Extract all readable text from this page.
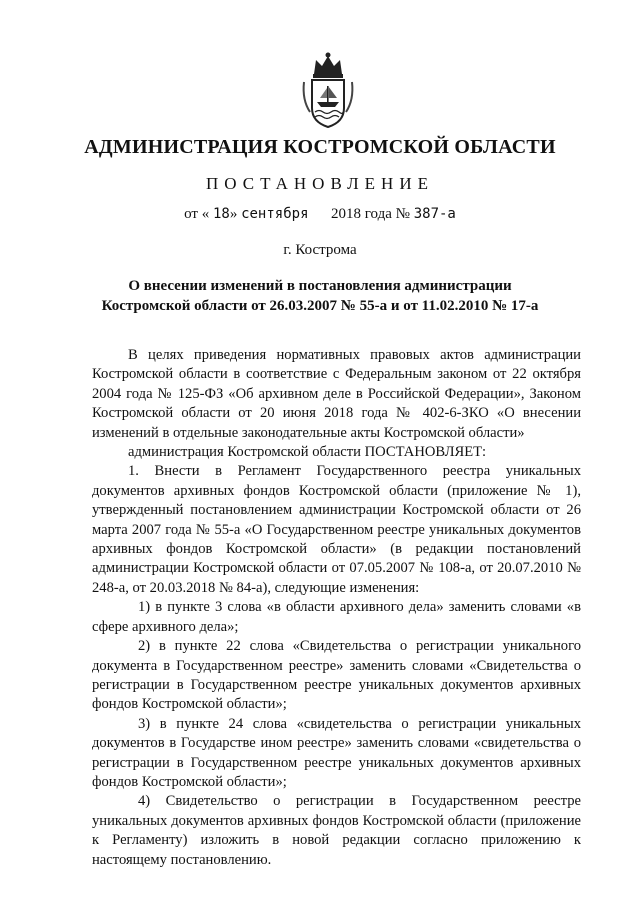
АДМИНИСТРАЦИЯ КОСТРОМСКОЙ ОБЛАСТИ
ПОСТАНОВЛЕНИЕ
от « 18» сентября 2018 года № 387-а
г. Кострома
О внесении изменений в постановления администрации
Костромской области от 26.03.2007 № 55-а и от 11.02.2010 № 17-а

В целях приведения нормативных правовых актов администрации Костромской области в соответствие с Федеральным законом от 22 октября 2004 года № 125-ФЗ «Об архивном деле в Российской Федерации», Законом Костромской области от 20 июня 2018 года № 402-6-ЗКО «О внесении изменений в отдельные законодательные акты Костромской области»

администрация Костромской области ПОСТАНОВЛЯЕТ:

1. Внести в Регламент Государственного реестра уникальных документов архивных фондов Костромской области (приложение № 1), утвержденный постановлением администрации Костромской области от 26 марта 2007 года № 55-а «О Государственном реестре уникальных документов архивных фондов Костромской области» (в редакции постановлений администрации Костромской области от 07.05.2007 № 108-а, от 20.07.2010 № 248-а, от 20.03.2018 № 84-а), следующие изменения:

1) в пункте 3 слова «в области архивного дела» заменить словами «в сфере архивного дела»;

2) в пункте 22 слова «Свидетельства о регистрации уникального документа в Государственном реестре» заменить словами «Свидетельства о регистрации в Государственном реестре уникальных документов архивных фондов Костромской области»;

3) в пункте 24 слова «свидетельства о регистрации уникальных документов в Государстве ином реестре» заменить словами «свидетельства о регистрации в Государственном реестре уникальных документов архивных фондов Костромской области»;

4) Свидетельство о регистрации в Государственном реестре уникальных документов архивных фондов Костромской области (приложение к Регламенту) изложить в новой редакции согласно приложению к настоящему постановлению.
